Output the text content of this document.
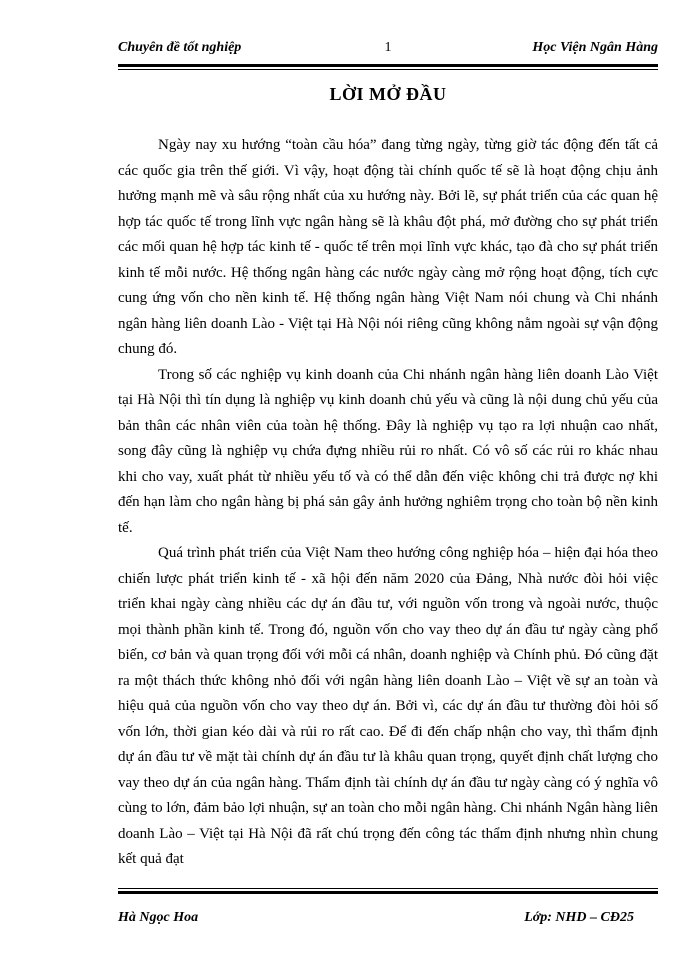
Chuyên đề tốt nghiệp	1	Học Viện Ngân Hàng
LỜI MỞ ĐẦU

Ngày nay xu hướng “toàn cầu hóa” đang từng ngày, từng giờ tác động đến tất cả các quốc gia trên thế giới. Vì vậy, hoạt động tài chính quốc tế sẽ là hoạt động chịu ảnh hưởng mạnh mẽ và sâu rộng nhất của xu hướng này. Bởi lẽ, sự phát triển của các quan hệ hợp tác quốc tế trong lĩnh vực ngân hàng sẽ là khâu đột phá, mở đường cho sự phát triển các mối quan hệ hợp tác kinh tế - quốc tế trên mọi lĩnh vực khác, tạo đà cho sự phát triển kinh tế mỗi nước. Hệ thống ngân hàng các nước ngày càng mở rộng hoạt động, tích cực cung ứng vốn cho nền kinh tế. Hệ thống ngân hàng Việt Nam nói chung và Chi nhánh ngân hàng liên doanh Lào - Việt tại Hà Nội nói riêng cũng không nằm ngoài sự vận động chung đó.

Trong số các nghiệp vụ kinh doanh của Chi nhánh ngân hàng liên doanh Lào Việt tại Hà Nội thì tín dụng là nghiệp vụ kinh doanh chủ yếu và cũng là nội dung chủ yếu của bản thân các nhân viên của toàn hệ thống. Đây là nghiệp vụ tạo ra lợi nhuận cao nhất, song đây cũng là nghiệp vụ chứa đựng nhiều rủi ro nhất. Có vô số các rủi ro khác nhau khi cho vay, xuất phát từ nhiều yếu tố và có thể dẫn đến việc không chi trả được nợ khi đến hạn làm cho ngân hàng bị phá sản gây ảnh hưởng nghiêm trọng cho toàn bộ nền kinh tế.

Quá trình phát triển của Việt Nam theo hướng công nghiệp hóa – hiện đại hóa theo chiến lược phát triển kinh tế - xã hội đến năm 2020 của Đảng, Nhà nước đòi hỏi việc triển khai ngày càng nhiều các dự án đầu tư, với nguồn vốn trong và ngoài nước, thuộc mọi thành phần kinh tế. Trong đó, nguồn vốn cho vay theo dự án đầu tư ngày càng phổ biến, cơ bản và quan trọng đối với mỗi cá nhân, doanh nghiệp và Chính phủ. Đó cũng đặt ra một thách thức không nhỏ đối với ngân hàng liên doanh Lào – Việt về sự an toàn và hiệu quả của nguồn vốn cho vay theo dự án. Bởi vì, các dự án đầu tư thường đòi hỏi số vốn lớn, thời gian kéo dài và rủi ro rất cao. Để đi đến chấp nhận cho vay, thì thẩm định dự án đầu tư về mặt tài chính dự án đầu tư là khâu quan trọng, quyết định chất lượng cho vay theo dự án của ngân hàng. Thẩm định tài chính dự án đầu tư ngày càng có ý nghĩa vô cùng to lớn, đảm bảo lợi nhuận, sự an toàn cho mỗi ngân hàng. Chi nhánh Ngân hàng liên doanh Lào – Việt tại Hà Nội đã rất chú trọng đến công tác thẩm định nhưng nhìn chung kết quả đạt

Hà Ngọc Hoa	Lớp: NHD – CĐ25
